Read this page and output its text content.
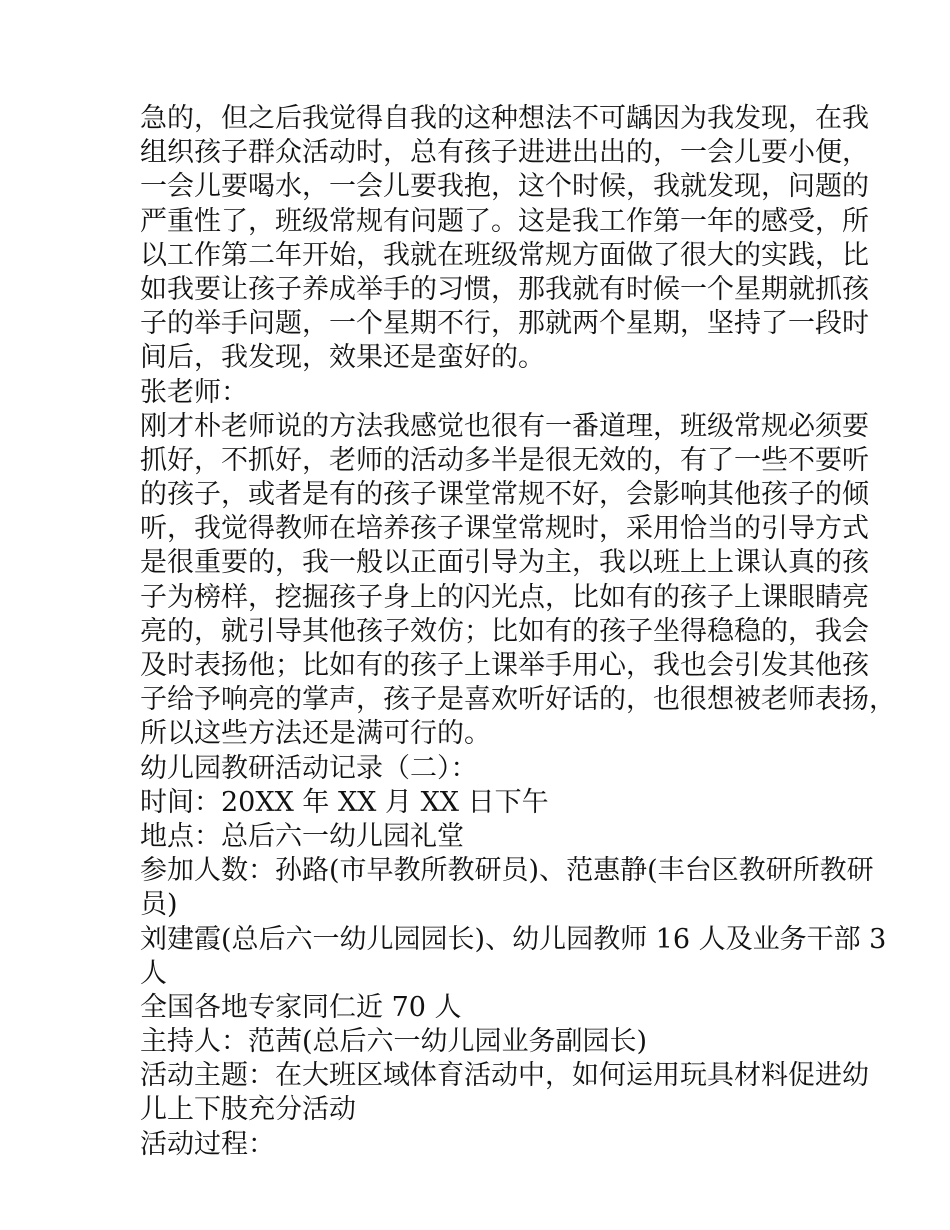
急的，但之后我觉得自我的这种想法不可龋因为我发现，在我
组织孩子群众活动时，总有孩子进进出出的，一会儿要小便，
一会儿要喝水，一会儿要我抱，这个时候，我就发现，问题的
严重性了，班级常规有问题了。这是我工作第一年的感受，所
以工作第二年开始，我就在班级常规方面做了很大的实践，比
如我要让孩子养成举手的习惯，那我就有时候一个星期就抓孩
子的举手问题，一个星期不行，那就两个星期，坚持了一段时
间后，我发现，效果还是蛮好的。
张老师：
刚才朴老师说的方法我感觉也很有一番道理，班级常规必须要
抓好，不抓好，老师的活动多半是很无效的，有了一些不要听
的孩子，或者是有的孩子课堂常规不好，会影响其他孩子的倾
听，我觉得教师在培养孩子课堂常规时，采用恰当的引导方式
是很重要的，我一般以正面引导为主，我以班上上课认真的孩
子为榜样，挖掘孩子身上的闪光点，比如有的孩子上课眼睛亮
亮的，就引导其他孩子效仿；比如有的孩子坐得稳稳的，我会
及时表扬他；比如有的孩子上课举手用心，我也会引发其他孩
子给予响亮的掌声，孩子是喜欢听好话的，也很想被老师表扬，
所以这些方法还是满可行的。
幼儿园教研活动记录（二）：
时间：20XX 年 XX 月 XX 日下午
地点：总后六一幼儿园礼堂
参加人数：孙路(市早教所教研员)、范惠静(丰台区教研所教研
员)
刘建霞(总后六一幼儿园园长)、幼儿园教师 16 人及业务干部 3
人
全国各地专家同仁近 70 人
主持人：范茜(总后六一幼儿园业务副园长)
活动主题：在大班区域体育活动中，如何运用玩具材料促进幼
儿上下肢充分活动
活动过程：
